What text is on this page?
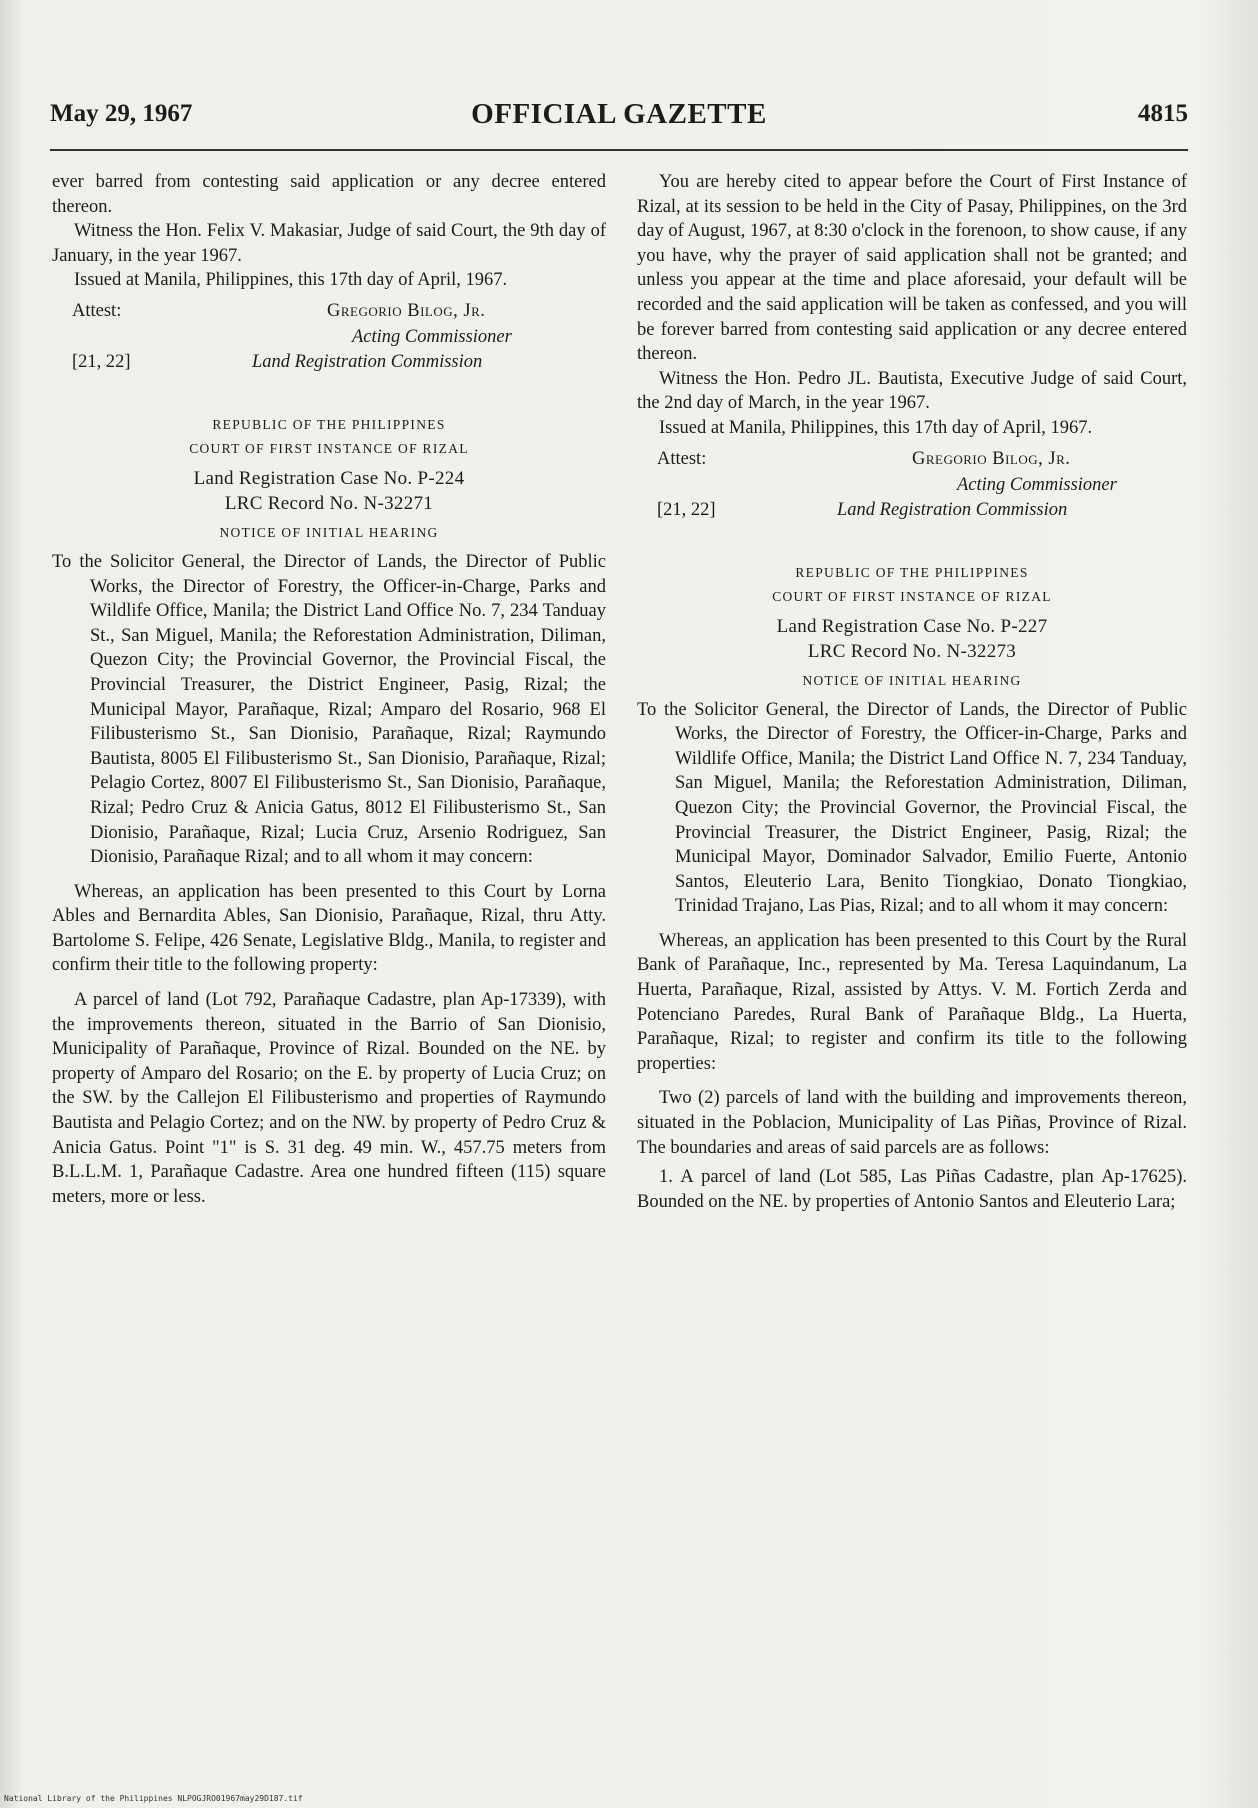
May 29, 1967	OFFICIAL GAZETTE	4815

ever barred from contesting said application or any decree entered thereon.

Witness the Hon. Felix V. Makasiar, Judge of said Court, the 9th day of January, in the year 1967.

Issued at Manila, Philippines, this 17th day of April, 1967.

Attest:	Gregorio Bilog, Jr.
Acting Commissioner
[21, 22]	Land Registration Commission
REPUBLIC OF THE PHILIPPINES
COURT OF FIRST INSTANCE OF RIZAL
Land Registration Case No. P-224
LRC Record No. N-32271
NOTICE OF INITIAL HEARING

To the Solicitor General, the Director of Lands, the Director of Public Works, the Director of Forestry, the Officer-in-Charge, Parks and Wildlife Office, Manila; the District Land Office No. 7, 234 Tanduay St., San Miguel, Manila; the Reforestation Administration, Diliman, Quezon City; the Provincial Governor, the Provincial Fiscal, the Provincial Treasurer, the District Engineer, Pasig, Rizal; the Municipal Mayor, Parañaque, Rizal; Amparo del Rosario, 968 El Filibusterismo St., San Dionisio, Parañaque, Rizal; Raymundo Bautista, 8005 El Filibusterismo St., San Dionisio, Parañaque, Rizal; Pelagio Cortez, 8007 El Filibusterismo St., San Dionisio, Parañaque, Rizal; Pedro Cruz & Anicia Gatus, 8012 El Filibusterismo St., San Dionisio, Parañaque, Rizal; Lucia Cruz, Arsenio Rodriguez, San Dionisio, Parañaque Rizal; and to all whom it may concern:

Whereas, an application has been presented to this Court by Lorna Ables and Bernardita Ables, San Dionisio, Parañaque, Rizal, thru Atty. Bartolome S. Felipe, 426 Senate, Legislative Bldg., Manila, to register and confirm their title to the following property:

A parcel of land (Lot 792, Parañaque Cadastre, plan Ap-17339), with the improvements thereon, situated in the Barrio of San Dionisio, Municipality of Parañaque, Province of Rizal. Bounded on the NE. by property of Amparo del Rosario; on the E. by property of Lucia Cruz; on the SW. by the Callejon El Filibusterismo and properties of Raymundo Bautista and Pelagio Cortez; and on the NW. by property of Pedro Cruz & Anicia Gatus. Point "1" is S. 31 deg. 49 min. W., 457.75 meters from B.L.L.M. 1, Parañaque Cadastre. Area one hundred fifteen (115) square meters, more or less.

You are hereby cited to appear before the Court of First Instance of Rizal, at its session to be held in the City of Pasay, Philippines, on the 3rd day of August, 1967, at 8:30 o'clock in the forenoon, to show cause, if any you have, why the prayer of said application shall not be granted; and unless you appear at the time and place aforesaid, your default will be recorded and the said application will be taken as confessed, and you will be forever barred from contesting said application or any decree entered thereon.

Witness the Hon. Pedro JL. Bautista, Executive Judge of said Court, the 2nd day of March, in the year 1967.

Issued at Manila, Philippines, this 17th day of April, 1967.

Attest:	Gregorio Bilog, Jr.
Acting Commissioner
[21, 22]	Land Registration Commission
REPUBLIC OF THE PHILIPPINES
COURT OF FIRST INSTANCE OF RIZAL
Land Registration Case No. P-227
LRC Record No. N-32273
NOTICE OF INITIAL HEARING

To the Solicitor General, the Director of Lands, the Director of Public Works, the Director of Forestry, the Officer-in-Charge, Parks and Wildlife Office, Manila; the District Land Office N. 7, 234 Tanduay, San Miguel, Manila; the Reforestation Administration, Diliman, Quezon City; the Provincial Governor, the Provincial Fiscal, the Provincial Treasurer, the District Engineer, Pasig, Rizal; the Municipal Mayor, Dominador Salvador, Emilio Fuerte, Antonio Santos, Eleuterio Lara, Benito Tiongkiao, Donato Tiongkiao, Trinidad Trajano, Las Pias, Rizal; and to all whom it may concern:

Whereas, an application has been presented to this Court by the Rural Bank of Parañaque, Inc., represented by Ma. Teresa Laquindanum, La Huerta, Parañaque, Rizal, assisted by Attys. V. M. Fortich Zerda and Potenciano Paredes, Rural Bank of Parañaque Bldg., La Huerta, Parañaque, Rizal; to register and confirm its title to the following properties:

Two (2) parcels of land with the building and improvements thereon, situated in the Poblacion, Municipality of Las Piñas, Province of Rizal. The boundaries and areas of said parcels are as follows:

1. A parcel of land (Lot 585, Las Piñas Cadastre, plan Ap-17625). Bounded on the NE. by properties of Antonio Santos and Eleuterio Lara;

National Library of the Philippines NLPOGJRO01967may29D187.tif
